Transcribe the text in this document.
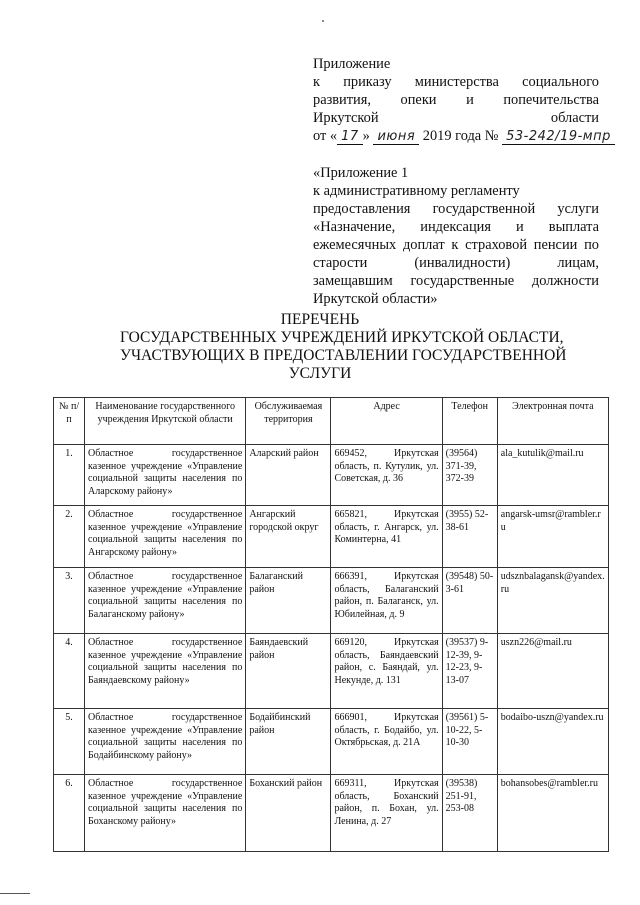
Приложение

к приказу министерства социального

развития, опеки и попечительства

Иркутской	области

от « 17 » июня 2019 года № 53-242/19-мпр

«Приложение 1

к административному регламенту

предоставления государственной услуги

«Назначение, индексация и выплата

ежемесячных доплат к страховой пенсии по

старости (инвалидности) лицам,

замещавшим государственные должности

Иркутской области»

ПЕРЕЧЕНЬ
ГОСУДАРСТВЕННЫХ УЧРЕЖДЕНИЙ ИРКУТСКОЙ ОБЛАСТИ,
УЧАСТВУЮЩИХ В ПРЕДОСТАВЛЕНИИ ГОСУДАРСТВЕННОЙ
УСЛУГИ
№ п/п	Наименование государственного учреждения Иркутской области	Обслуживаемая территория	Адрес	Телефон	Электронная почта
1.	Областное государственное казенное учреждение «Управление социальной защиты населения по Аларскому району»	Аларский район	669452, Иркутская область, п. Кутулик, ул. Советская, д. 36	(39564) 371-39, 372-39	ala_kutulik@mail.ru
2.	Областное государственное казенное учреждение «Управление социальной защиты населения по Ангарскому району»	Ангарский городской округ	665821, Иркутская область, г. Ангарск, ул. Коминтерна, 41	(3955) 52-38-61	angarsk-umsr@rambler.ru
3.	Областное государственное казенное учреждение «Управление социальной защиты населения по Балаганскому району»	Балаганский район	666391, Иркутская область, Балаганский район, п. Балаганск, ул. Юбилейная, д. 9	(39548) 50-3-61	udsznbalagansk@yandex.ru
4.	Областное государственное казенное учреждение «Управление социальной защиты населения по Баяндаевскому району»	Баяндаевский район	669120, Иркутская область, Баяндаевский район, с. Баяндай, ул. Некунде, д. 131	(39537) 9-12-39, 9-12-23, 9-13-07	uszn226@mail.ru
5.	Областное государственное казенное учреждение «Управление социальной защиты населения по Бодайбинскому району»	Бодайбинский район	666901, Иркутская область, г. Бодайбо, ул. Октябрьская, д. 21А	(39561) 5-10-22, 5-10-30	bodaibo-uszn@yandex.ru
6.	Областное государственное казенное учреждение «Управление социальной защиты населения по Боханскому району»	Боханский район	669311, Иркутская область, Боханский район, п. Бохан, ул. Ленина, д. 27	(39538) 251-91, 253-08	bohansobes@rambler.ru
